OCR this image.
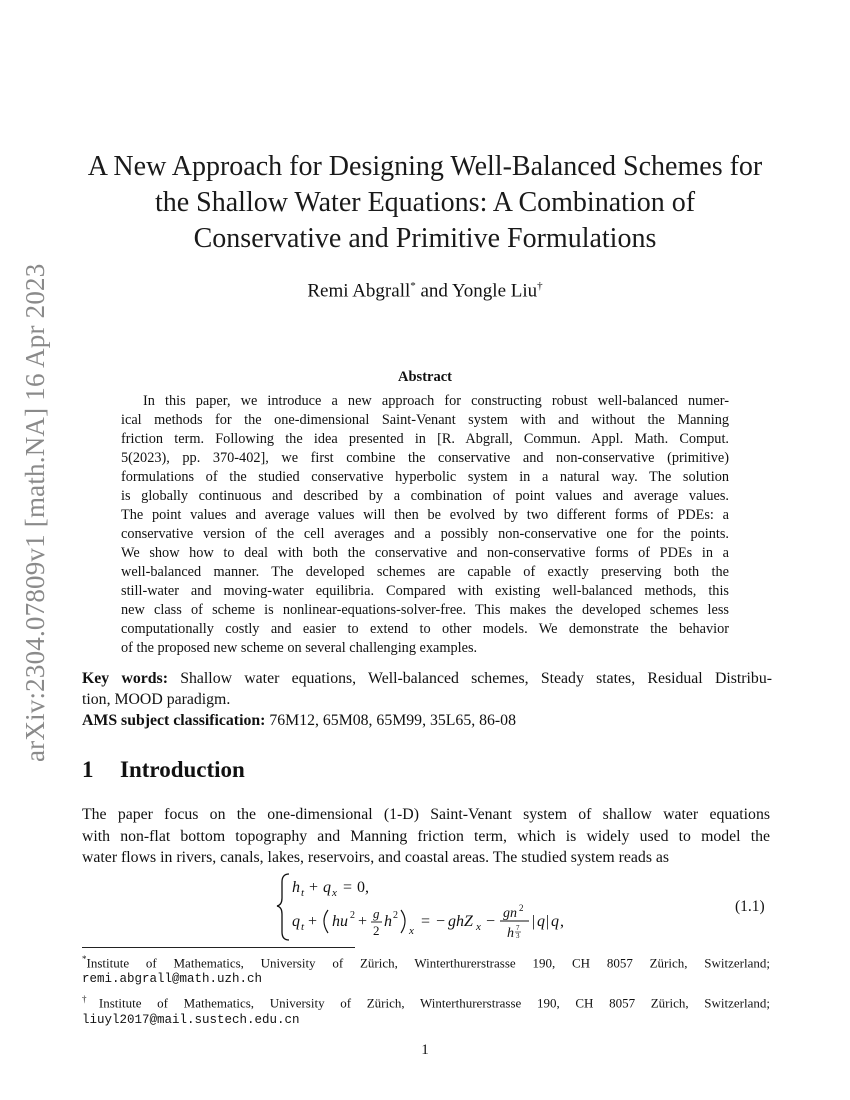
arXiv:2304.07809v1 [math.NA] 16 Apr 2023
A New Approach for Designing Well-Balanced Schemes for
the Shallow Water Equations: A Combination of
Conservative and Primitive Formulations
Remi Abgrall* and Yongle Liu†
Abstract
In this paper, we introduce a new approach for constructing robust well-balanced numer-
ical methods for the one-dimensional Saint-Venant system with and without the Manning
friction term. Following the idea presented in [R. Abgrall, Commun. Appl. Math. Comput.
5(2023), pp. 370-402], we first combine the conservative and non-conservative (primitive)
formulations of the studied conservative hyperbolic system in a natural way. The solution
is globally continuous and described by a combination of point values and average values.
The point values and average values will then be evolved by two different forms of PDEs: a
conservative version of the cell averages and a possibly non-conservative one for the points.
We show how to deal with both the conservative and non-conservative forms of PDEs in a
well-balanced manner. The developed schemes are capable of exactly preserving both the
still-water and moving-water equilibria. Compared with existing well-balanced methods, this
new class of scheme is nonlinear-equations-solver-free. This makes the developed schemes less
computationally costly and easier to extend to other models. We demonstrate the behavior
of the proposed new scheme on several challenging examples.
Key words: Shallow water equations, Well-balanced schemes, Steady states, Residual Distribu-
tion, MOOD paradigm.
AMS subject classification: 76M12, 65M08, 65M99, 35L65, 86-08
1 Introduction
The paper focus on the one-dimensional (1-D) Saint-Venant system of shallow water equations
with non-flat bottom topography and Manning friction term, which is widely used to model the
water flows in rivers, canals, lakes, reservoirs, and coastal areas. The studied system reads as
h t + q x = 0,
q t + hu 2 + g
2
h 2
x
= − ghZ x − gn 2
h 7
3
| q | q ,
(1.1)
*Institute of Mathematics, University of Zürich, Winterthurerstrasse 190, CH 8057 Zürich, Switzerland;
remi.abgrall@math.uzh.ch
†Institute of Mathematics, University of Zürich, Winterthurerstrasse 190, CH 8057 Zürich, Switzerland;
liuyl2017@mail.sustech.edu.cn
1
